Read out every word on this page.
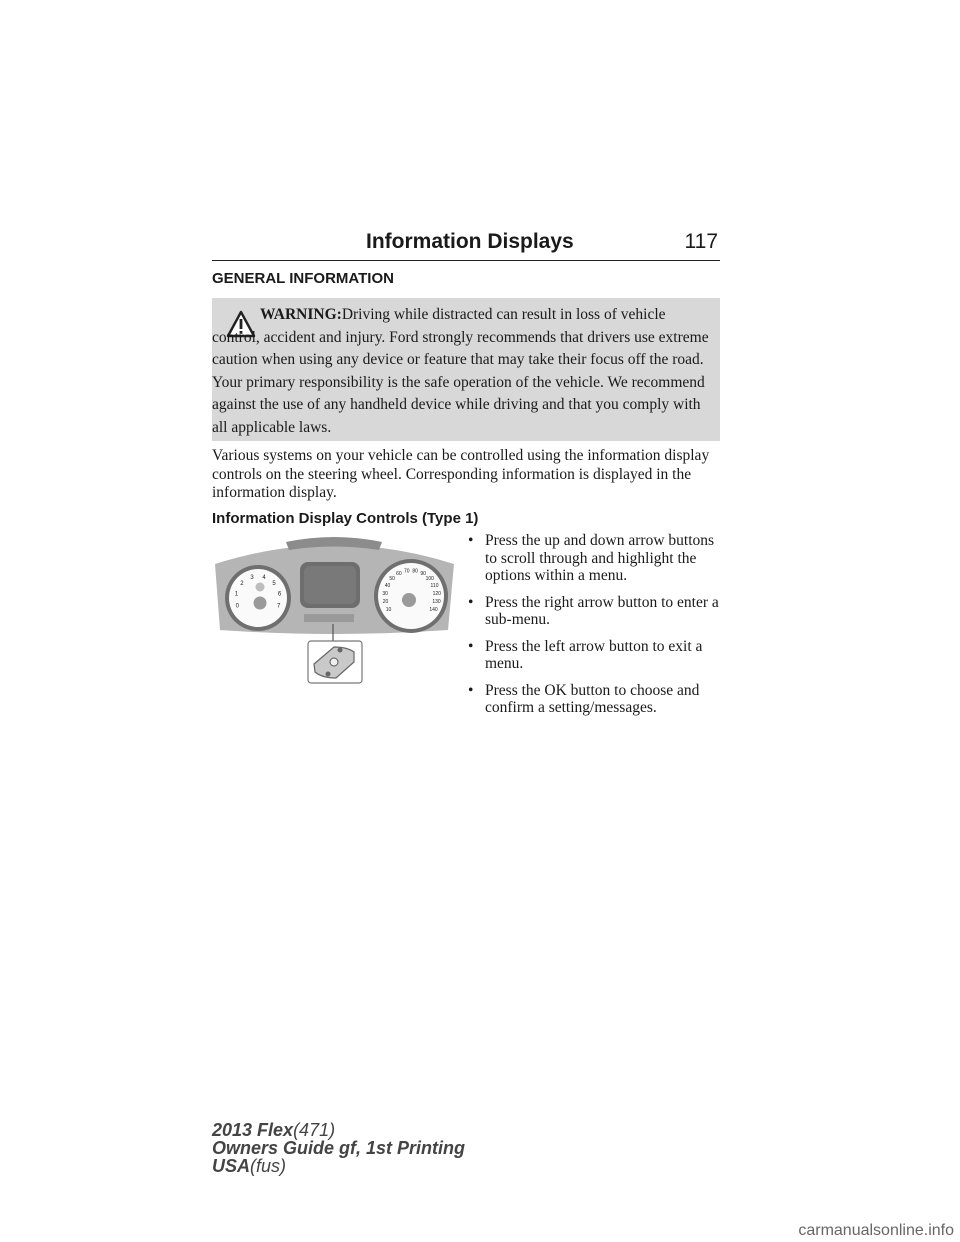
Information Displays	117
GENERAL INFORMATION

WARNING:Driving while distracted can result in loss of vehicle control, accident and injury. Ford strongly recommends that drivers use extreme caution when using any device or feature that may take their focus off the road. Your primary responsibility is the safe operation of the vehicle. We recommend against the use of any handheld device while driving and that you comply with all applicable laws.

Various systems on your vehicle can be controlled using the information display controls on the steering wheel. Corresponding information is displayed in the information display.

Information Display Controls (Type 1)
0
1
2
3 4
5
6
7
10
20
30
40
50
60 70 80 90
100
110
120
130
140
• Press the up and down arrow buttons to scroll through and highlight the options within a menu.
• Press the right arrow button to enter a sub-menu.
• Press the left arrow button to exit a menu.
• Press the OK button to choose and confirm a setting/messages.
2013 Flex(471)
Owners Guide gf, 1st Printing
USA(fus)
carmanualsonline.info
